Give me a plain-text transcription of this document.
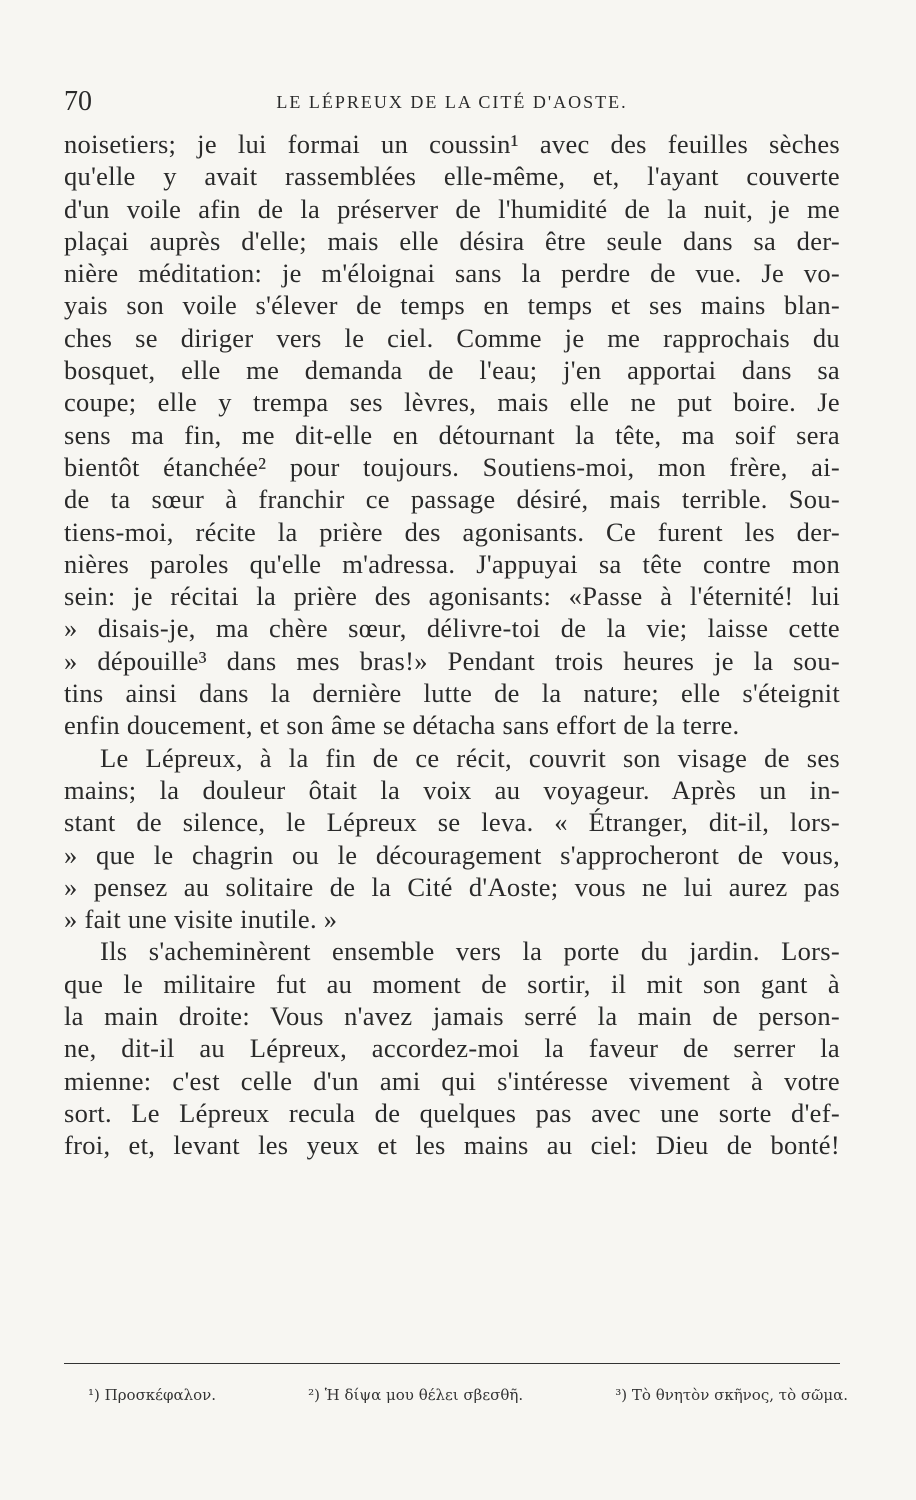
70	LE LÉPREUX DE LA CITÉ D'AOSTE.
noisetiers; je lui formai un coussin¹ avec des feuilles sèches
qu'elle y avait rassemblées elle-même, et, l'ayant couverte
d'un voile afin de la préserver de l'humidité de la nuit, je me
plaçai auprès d'elle; mais elle désira être seule dans sa der-
nière méditation: je m'éloignai sans la perdre de vue. Je vo-
yais son voile s'élever de temps en temps et ses mains blan-
ches se diriger vers le ciel. Comme je me rapprochais du
bosquet, elle me demanda de l'eau; j'en apportai dans sa
coupe; elle y trempa ses lèvres, mais elle ne put boire. Je
sens ma fin, me dit-elle en détournant la tête, ma soif sera
bientôt étanchée² pour toujours. Soutiens-moi, mon frère, ai-
de ta sœur à franchir ce passage désiré, mais terrible. Sou-
tiens-moi, récite la prière des agonisants. Ce furent les der-
nières paroles qu'elle m'adressa. J'appuyai sa tête contre mon
sein: je récitai la prière des agonisants: «Passe à l'éternité! lui
» disais-je, ma chère sœur, délivre-toi de la vie; laisse cette
» dépouille³ dans mes bras!» Pendant trois heures je la sou-
tins ainsi dans la dernière lutte de la nature; elle s'éteignit
enfin doucement, et son âme se détacha sans effort de la terre.
Le Lépreux, à la fin de ce récit, couvrit son visage de ses
mains; la douleur ôtait la voix au voyageur. Après un in-
stant de silence, le Lépreux se leva. « Étranger, dit-il, lors-
» que le chagrin ou le découragement s'approcheront de vous,
» pensez au solitaire de la Cité d'Aoste; vous ne lui aurez pas
» fait une visite inutile. »
Ils s'acheminèrent ensemble vers la porte du jardin. Lors-
que le militaire fut au moment de sortir, il mit son gant à
la main droite: Vous n'avez jamais serré la main de person-
ne, dit-il au Lépreux, accordez-moi la faveur de serrer la
mienne: c'est celle d'un ami qui s'intéresse vivement à votre
sort. Le Lépreux recula de quelques pas avec une sorte d'ef-
froi, et, levant les yeux et les mains au ciel: Dieu de bonté!
¹) Προσκέφαλον.	²) Ἡ δίψα μου θέλει σβεσθῆ.	³) Τὸ θνητὸν σκῆνος, τὸ σῶμα.
